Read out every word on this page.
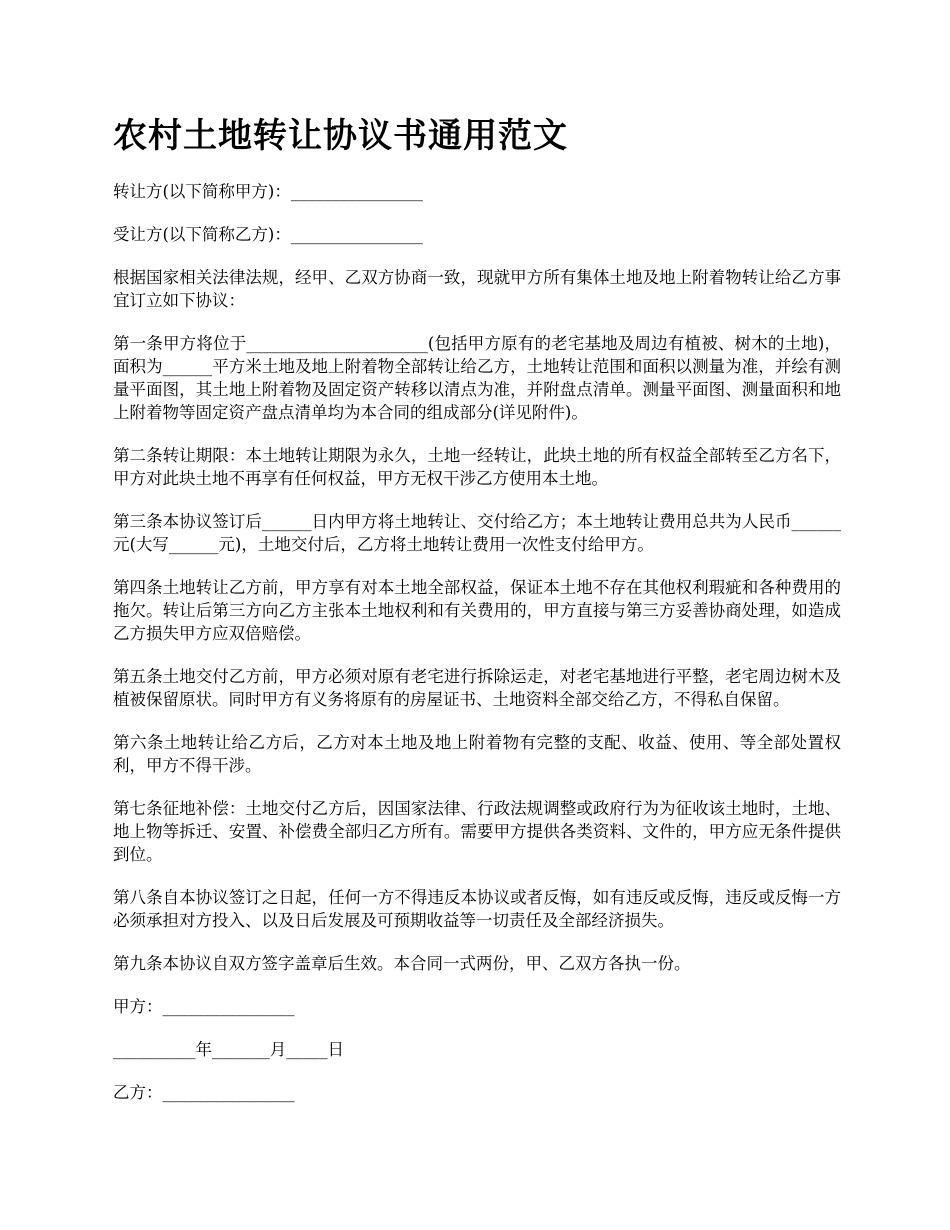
农村土地转让协议书通用范文

转让方(以下简称甲方)：________________

受让方(以下简称乙方)：________________

根据国家相关法律法规，经甲、乙双方协商一致，现就甲方所有集体土地及地上附着物转让给乙方事宜订立如下协议：

第一条甲方将位于______________________(包括甲方原有的老宅基地及周边有植被、树木的土地)，面积为______平方米土地及地上附着物全部转让给乙方，土地转让范围和面积以测量为准，并绘有测量平面图，其土地上附着物及固定资产转移以清点为准，并附盘点清单。测量平面图、测量面积和地上附着物等固定资产盘点清单均为本合同的组成部分(详见附件)。

第二条转让期限：本土地转让期限为永久，土地一经转让，此块土地的所有权益全部转至乙方名下，甲方对此块土地不再享有任何权益，甲方无权干涉乙方使用本土地。

第三条本协议签订后______日内甲方将土地转让、交付给乙方；本土地转让费用总共为人民币______元(大写______元)，土地交付后，乙方将土地转让费用一次性支付给甲方。

第四条土地转让乙方前，甲方享有对本土地全部权益，保证本土地不存在其他权利瑕疵和各种费用的拖欠。转让后第三方向乙方主张本土地权利和有关费用的，甲方直接与第三方妥善协商处理，如造成乙方损失甲方应双倍赔偿。

第五条土地交付乙方前，甲方必须对原有老宅进行拆除运走，对老宅基地进行平整，老宅周边树木及植被保留原状。同时甲方有义务将原有的房屋证书、土地资料全部交给乙方，不得私自保留。

第六条土地转让给乙方后，乙方对本土地及地上附着物有完整的支配、收益、使用、等全部处置权利，甲方不得干涉。

第七条征地补偿：土地交付乙方后，因国家法律、行政法规调整或政府行为为征收该土地时，土地、地上物等拆迁、安置、补偿费全部归乙方所有。需要甲方提供各类资料、文件的，甲方应无条件提供到位。

第八条自本协议签订之日起，任何一方不得违反本协议或者反悔，如有违反或反悔，违反或反悔一方必须承担对方投入、以及日后发展及可预期收益等一切责任及全部经济损失。

第九条本协议自双方签字盖章后生效。本合同一式两份，甲、乙双方各执一份。

甲方：________________

__________年_______月_____日

乙方：________________
